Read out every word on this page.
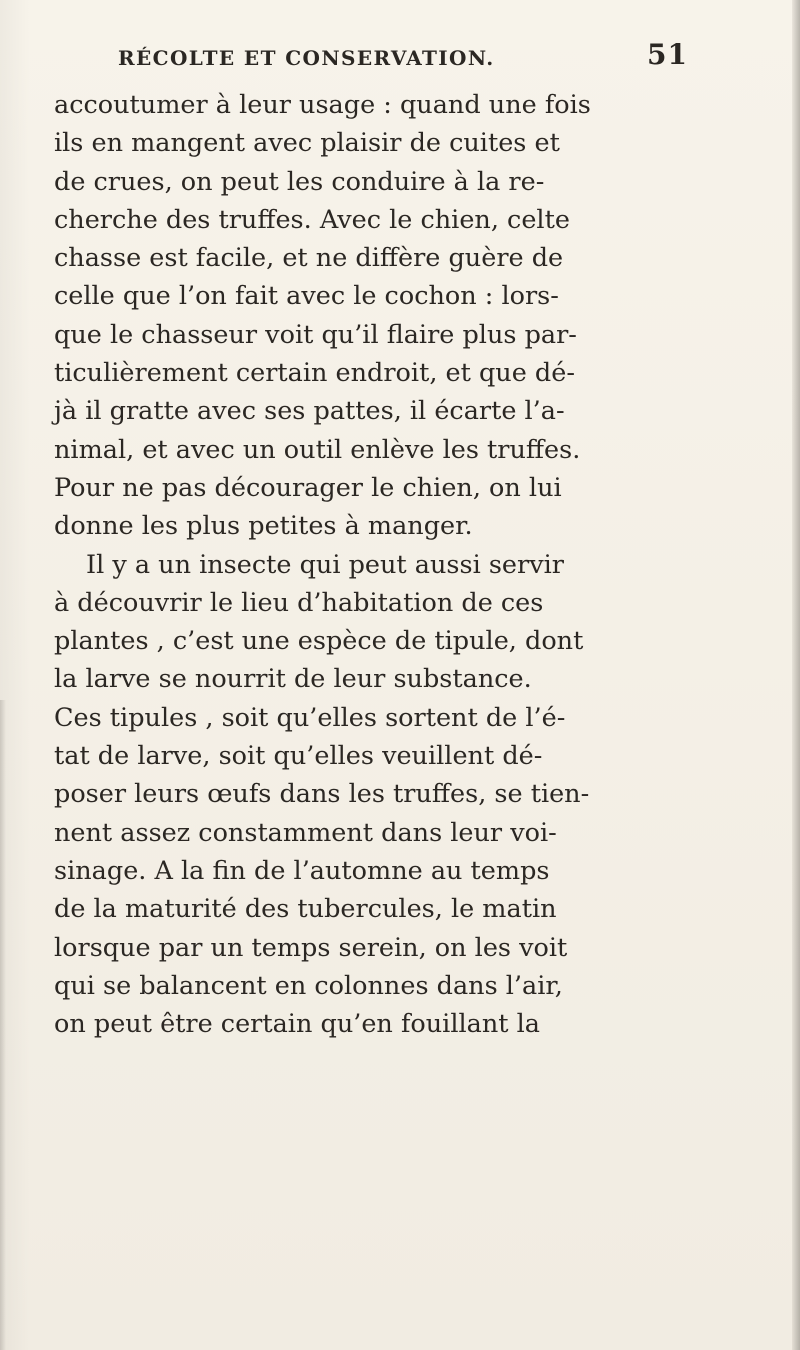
RÉCOLTE ET CONSERVATION.	51
accoutumer à leur usage : quand une fois
ils en mangent avec plaisir de cuites et
de crues, on peut les conduire à la re-
cherche des truffes. Avec le chien, celte
chasse est facile, et ne diffère guère de
celle que l’on fait avec le cochon : lors-
que le chasseur voit qu’il flaire plus par-
ticulièrement certain endroit, et que dé-
jà il gratte avec ses pattes, il écarte l’a-
nimal, et avec un outil enlève les truffes.
Pour ne pas décourager le chien, on lui
donne les plus petites à manger.
Il y a un insecte qui peut aussi servir
à découvrir le lieu d’habitation de ces
plantes , c’est une espèce de tipule, dont
la larve se nourrit de leur substance.
Ces tipules , soit qu’elles sortent de l’é-
tat de larve, soit qu’elles veuillent dé-
poser leurs œufs dans les truffes, se tien-
nent assez constamment dans leur voi-
sinage. A la fin de l’automne au temps
de la maturité des tubercules, le matin
lorsque par un temps serein, on les voit
qui se balancent en colonnes dans l’air,
on peut être certain qu’en fouillant la
